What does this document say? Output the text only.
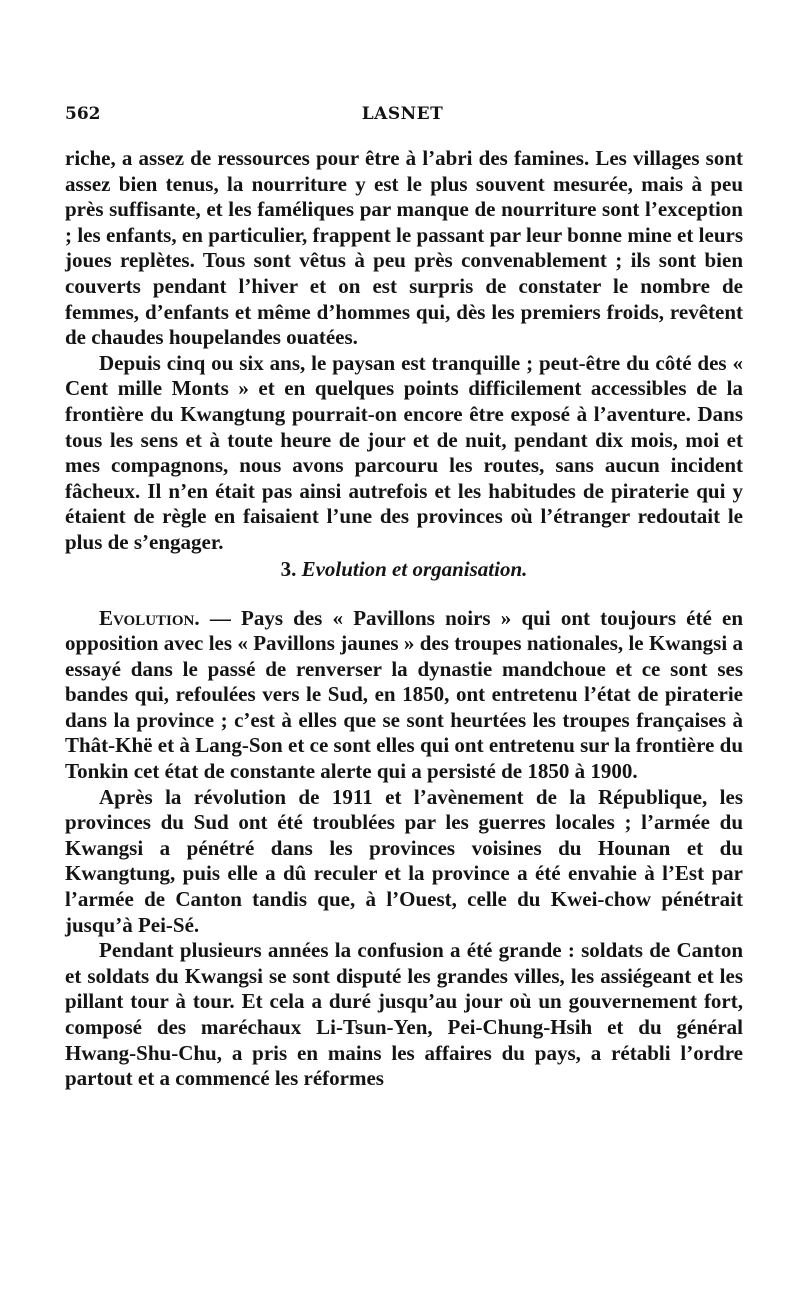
562	LASNET

riche, a assez de ressources pour être à l’abri des famines. Les villages sont assez bien tenus, la nourriture y est le plus souvent mesurée, mais à peu près suffisante, et les faméliques par manque de nourriture sont l’exception ; les enfants, en particulier, frappent le passant par leur bonne mine et leurs joues replètes. Tous sont vêtus à peu près convenablement ; ils sont bien couverts pendant l’hiver et on est surpris de constater le nombre de femmes, d’enfants et même d’hommes qui, dès les premiers froids, revêtent de chaudes houpelandes ouatées.

Depuis cinq ou six ans, le paysan est tranquille ; peut-être du côté des « Cent mille Monts » et en quelques points difficilement accessibles de la frontière du Kwangtung pourrait-on encore être exposé à l’aventure. Dans tous les sens et à toute heure de jour et de nuit, pendant dix mois, moi et mes compagnons, nous avons parcouru les routes, sans aucun incident fâcheux. Il n’en était pas ainsi autrefois et les habitudes de piraterie qui y étaient de règle en faisaient l’une des provinces où l’étranger redoutait le plus de s’engager.

3. Evolution et organisation.

Evolution. — Pays des « Pavillons noirs » qui ont toujours été en opposition avec les « Pavillons jaunes » des troupes nationales, le Kwangsi a essayé dans le passé de renverser la dynastie mandchoue et ce sont ses bandes qui, refoulées vers le Sud, en 1850, ont entretenu l’état de piraterie dans la province ; c’est à elles que se sont heurtées les troupes françaises à Thât-Khë et à Lang-Son et ce sont elles qui ont entretenu sur la frontière du Tonkin cet état de constante alerte qui a persisté de 1850 à 1900.

Après la révolution de 1911 et l’avènement de la République, les provinces du Sud ont été troublées par les guerres locales ; l’armée du Kwangsi a pénétré dans les provinces voisines du Hounan et du Kwangtung, puis elle a dû reculer et la province a été envahie à l’Est par l’armée de Canton tandis que, à l’Ouest, celle du Kwei-chow pénétrait jusqu’à Pei-Sé.

Pendant plusieurs années la confusion a été grande : soldats de Canton et soldats du Kwangsi se sont disputé les grandes villes, les assiégeant et les pillant tour à tour. Et cela a duré jusqu’au jour où un gouvernement fort, composé des maréchaux Li-Tsun-Yen, Pei-Chung-Hsih et du général Hwang-Shu-Chu, a pris en mains les affaires du pays, a rétabli l’ordre partout et a commencé les réformes
